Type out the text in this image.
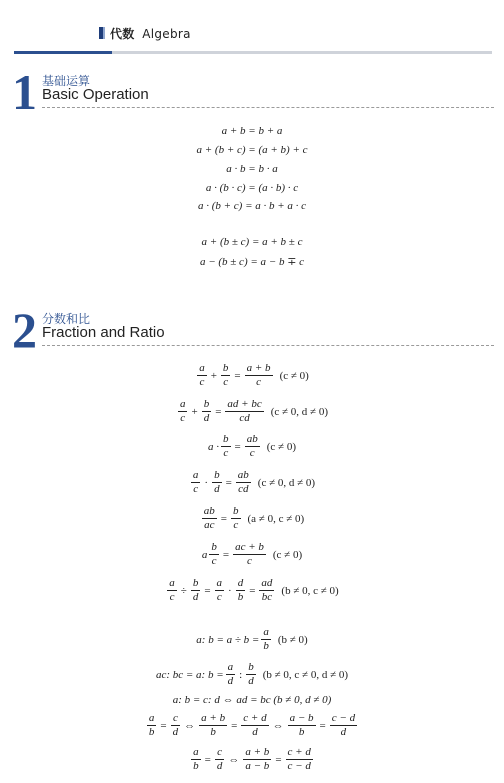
代数 Algebra
1 基础运算
Basic Operation
a + b = b + a
a + (b + c) = (a + b) + c
a · b = b · a
a · (b · c) = (a · b) · c
a · (b + c) = a · b + a · c
a + (b ± c) = a + b ± c
a − (b ± c) = a − b ∓ c
2 分数和比
Fraction and Ratio
$\frac{a}{c} + \frac{b}{c} = \frac{a + b}{c} (c \ne 0)$
$\frac{a}{c} + \frac{b}{d} = \frac{ad + bc}{cd} (c \ne 0$, d ≠ 0)
$a \cdot \frac{b}{c} = \frac{ab}{c} (c \ne 0)$
$\frac{a}{c} \cdot \frac{b}{d} = \frac{ab}{cd} (c \ne 0$, d ≠ 0)
$\frac{ab}{ac} = \frac{b}{c} (a \ne 0$, c ≠ 0)
a $\frac{b}{c} = \frac{ac + b}{c} (c \ne 0)$
$\frac{a}{c} \div \frac{b}{d} = \frac{a}{c} \cdot \frac{d}{b} = \frac{ad}{bc} (b \ne 0$, c ≠ 0)
a: $b = a \div b = \frac{a}{b} (b \ne 0)$
ac: bc = a: $b = \frac{a}{d}$ : $\frac{b}{d} (b \ne 0$, c ≠ 0, d ≠ 0)
a: b = c: d ⇔ ad = bc (b ≠ 0, d ≠ 0)
$\frac{a}{b} = \frac{c}{d}$ ⇔ $\frac{a + b}{b} = \frac{c + d}{d}$ ⇔ $\frac{a - b}{b} = \frac{c - d}{d}$
$\frac{a}{b} = \frac{c}{d}$ ⇔ $\frac{a + b}{a - b} = \frac{c + d}{c - d}$
